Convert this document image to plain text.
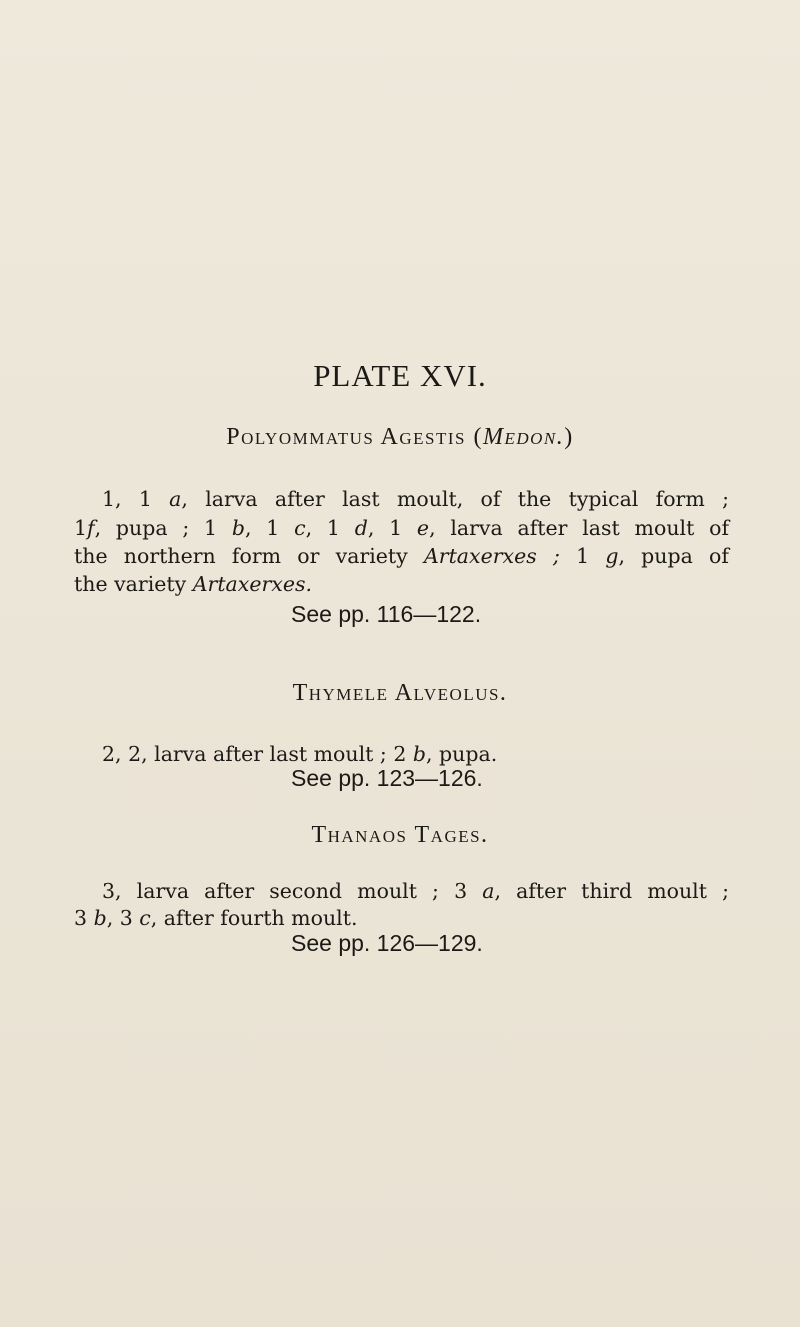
PLATE XVI.
Polyommatus Agestis (Medon.)
1, 1 a, larva after last moult, of the typical form ;
1f, pupa ; 1 b, 1 c, 1 d, 1 e, larva after last moult of
the northern form or variety Artaxerxes ; 1 g, pupa of
the variety Artaxerxes.
See pp. 116—122.
Thymele Alveolus.
2, 2, larva after last moult ; 2 b, pupa.
See pp. 123—126.
Thanaos Tages.
3, larva after second moult ; 3 a, after third moult ;
3 b, 3 c, after fourth moult.
See pp. 126—129.
